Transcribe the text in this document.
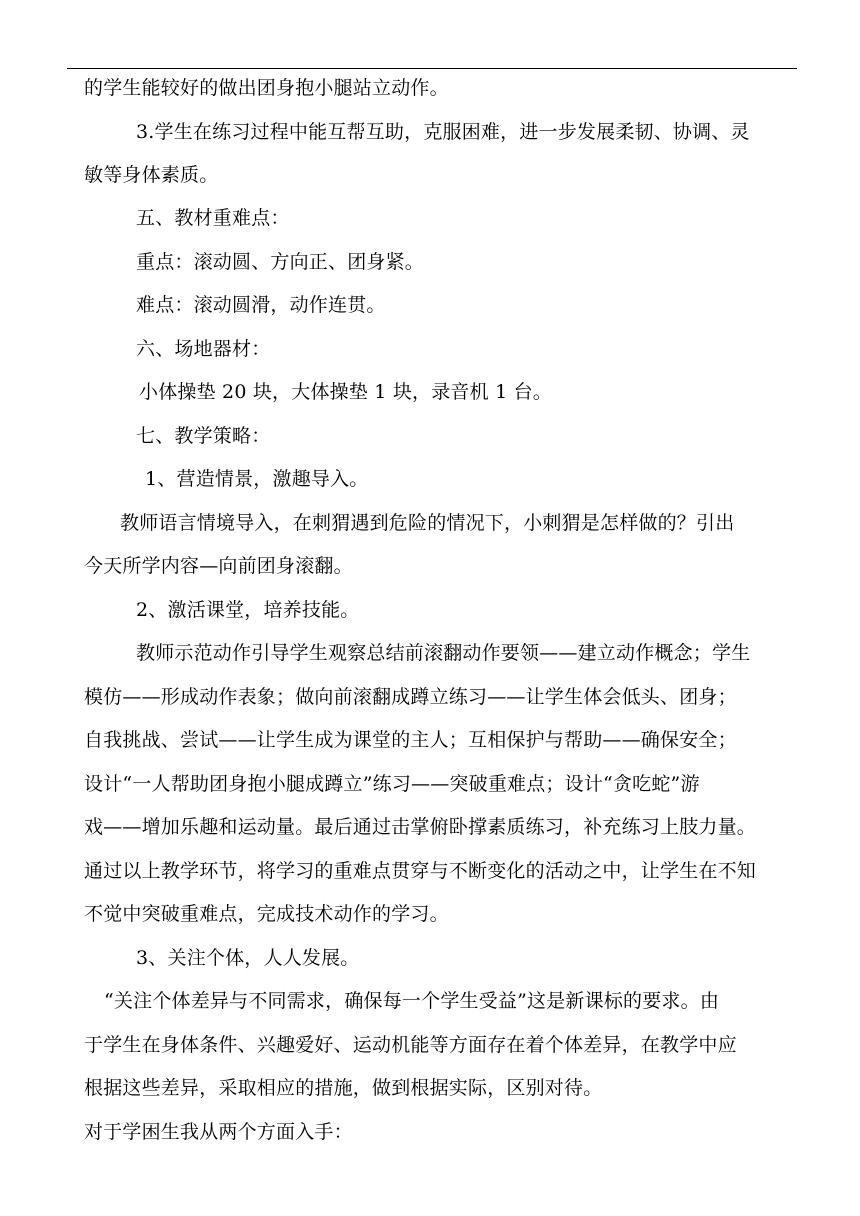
的学生能较好的做出团身抱小腿站立动作。
3.学生在练习过程中能互帮互助，克服困难，进一步发展柔韧、协调、灵
敏等身体素质。
五、教材重难点：
重点：滚动圆、方向正、团身紧。
难点：滚动圆滑，动作连贯。
六、场地器材：
小体操垫 20 块，大体操垫 1 块，录音机 1 台。
七、教学策略：
1、营造情景，激趣导入。
教师语言情境导入，在刺猬遇到危险的情况下，小刺猬是怎样做的？引出
今天所学内容—向前团身滚翻。
2、激活课堂，培养技能。
教师示范动作引导学生观察总结前滚翻动作要领——建立动作概念；学生
模仿——形成动作表象；做向前滚翻成蹲立练习——让学生体会低头、团身；
自我挑战、尝试——让学生成为课堂的主人；互相保护与帮助——确保安全；
设计“一人帮助团身抱小腿成蹲立”练习——突破重难点；设计“贪吃蛇”游
戏——增加乐趣和运动量。最后通过击掌俯卧撑素质练习，补充练习上肢力量。
通过以上教学环节，将学习的重难点贯穿与不断变化的活动之中，让学生在不知
不觉中突破重难点，完成技术动作的学习。
3、关注个体，人人发展。
“关注个体差异与不同需求，确保每一个学生受益”这是新课标的要求。由
于学生在身体条件、兴趣爱好、运动机能等方面存在着个体差异，在教学中应
根据这些差异，采取相应的措施，做到根据实际，区别对待。
对于学困生我从两个方面入手：
